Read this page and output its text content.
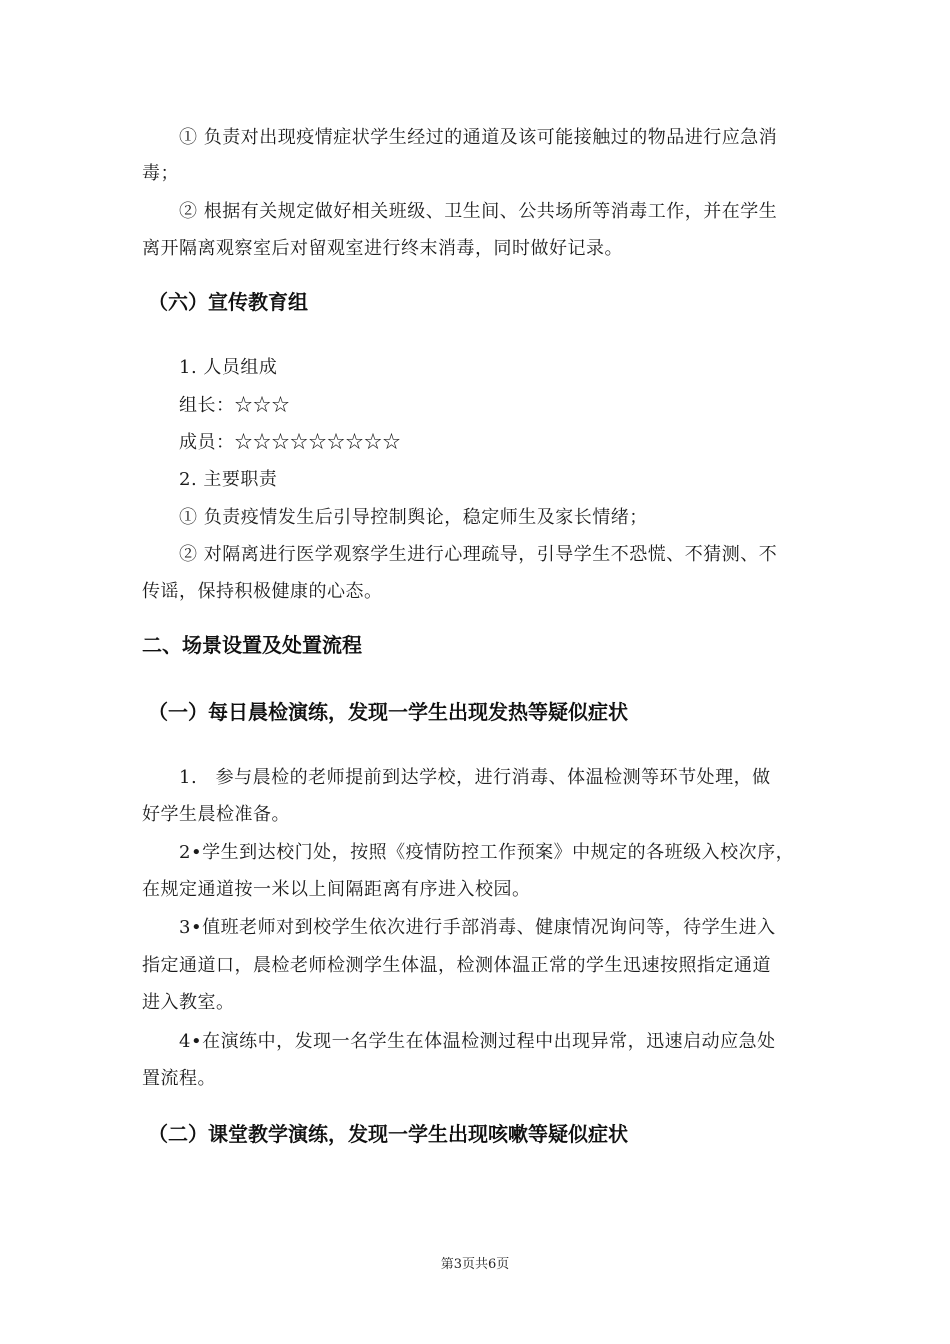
① 负责对出现疫情症状学生经过的通道及该可能接触过的物品进行应急消
毒；
② 根据有关规定做好相关班级、卫生间、公共场所等消毒工作，并在学生
离开隔离观察室后对留观室进行终末消毒，同时做好记录。
（六）宣传教育组
1. 人员组成
组长：☆☆☆
成员：☆☆☆☆☆☆☆☆☆
2. 主要职责
① 负责疫情发生后引导控制舆论，稳定师生及家长情绪；
② 对隔离进行医学观察学生进行心理疏导，引导学生不恐慌、不猜测、不
传谣，保持积极健康的心态。
二、场景设置及处置流程
（一）每日晨检演练，发现一学生出现发热等疑似症状
1.　参与晨检的老师提前到达学校，进行消毒、体温检测等环节处理，做
好学生晨检准备。
2•学生到达校门处，按照《疫情防控工作预案》中规定的各班级入校次序，
在规定通道按一米以上间隔距离有序进入校园。
3•值班老师对到校学生依次进行手部消毒、健康情况询问等，待学生进入
指定通道口，晨检老师检测学生体温，检测体温正常的学生迅速按照指定通道
进入教室。
4•在演练中，发现一名学生在体温检测过程中出现异常，迅速启动应急处
置流程。
（二）课堂教学演练，发现一学生出现咳嗽等疑似症状
第3页共6页
